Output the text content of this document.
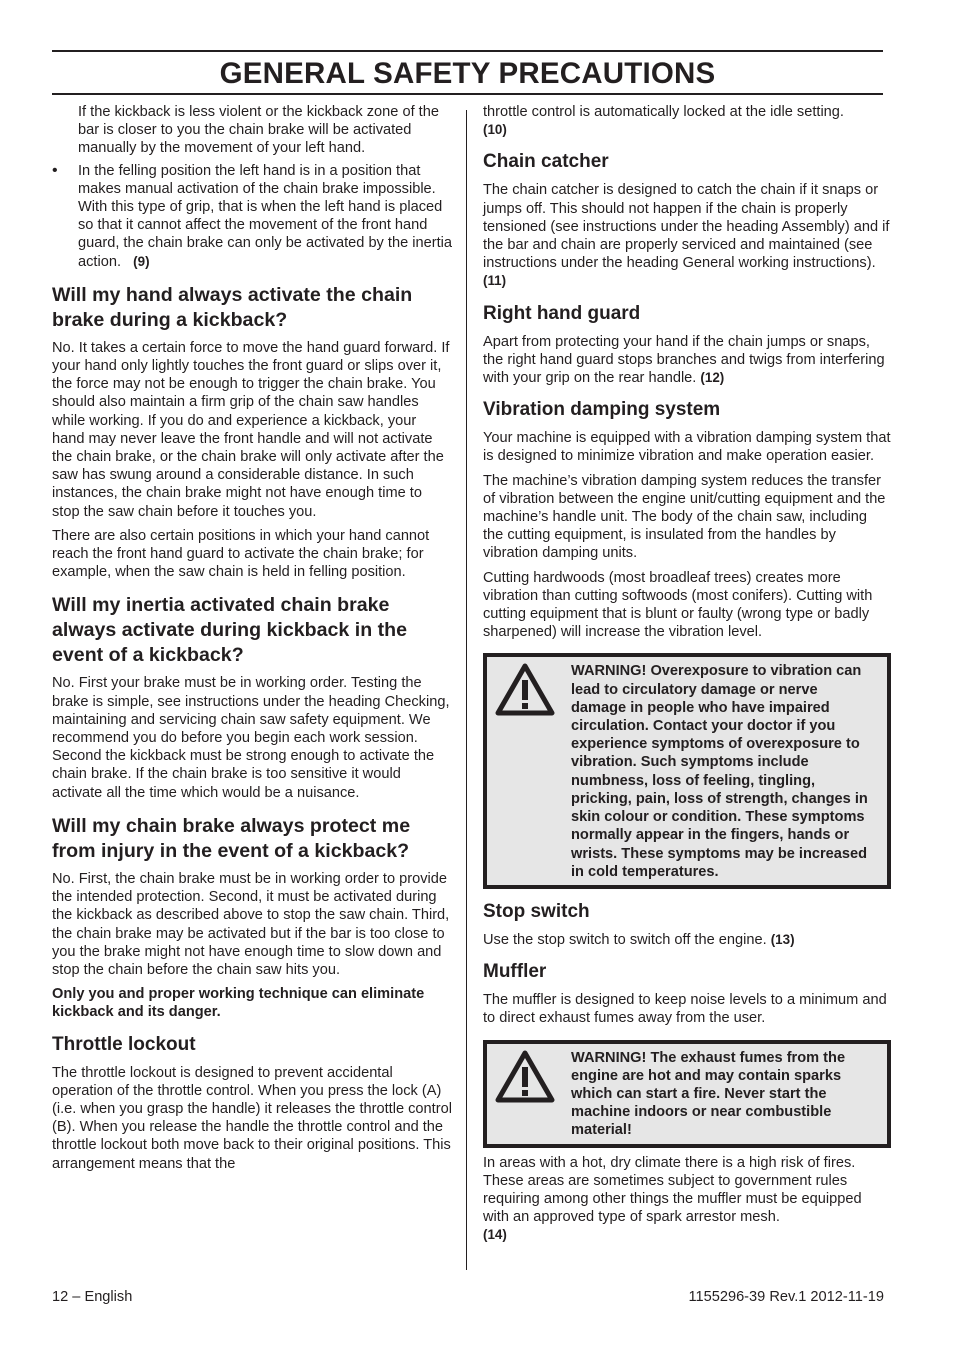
GENERAL SAFETY PRECAUTIONS

If the kickback is less violent or the kickback zone of the bar is closer to you the chain brake will be activated manually by the movement of your left hand.

• In the felling position the left hand is in a position that makes manual activation of the chain brake impossible. With this type of grip, that is when the left hand is placed so that it cannot affect the movement of the front hand guard, the chain brake can only be activated by the inertia action. (9)

Will my hand always activate the chain brake during a kickback?

No. It takes a certain force to move the hand guard forward. If your hand only lightly touches the front guard or slips over it, the force may not be enough to trigger the chain brake. You should also maintain a firm grip of the chain saw handles while working. If you do and experience a kickback, your hand may never leave the front handle and will not activate the chain brake, or the chain brake will only activate after the saw has swung around a considerable distance. In such instances, the chain brake might not have enough time to stop the saw chain before it touches you.

There are also certain positions in which your hand cannot reach the front hand guard to activate the chain brake; for example, when the saw chain is held in felling position.

Will my inertia activated chain brake always activate during kickback in the event of a kickback?

No. First your brake must be in working order. Testing the brake is simple, see instructions under the heading Checking, maintaining and servicing chain saw safety equipment. We recommend you do before you begin each work session. Second the kickback must be strong enough to activate the chain brake. If the chain brake is too sensitive it would activate all the time which would be a nuisance.

Will my chain brake always protect me from injury in the event of a kickback?

No. First, the chain brake must be in working order to provide the intended protection. Second, it must be activated during the kickback as described above to stop the saw chain. Third, the chain brake may be activated but if the bar is too close to you the brake might not have enough time to slow down and stop the chain before the chain saw hits you.

Only you and proper working technique can eliminate kickback and its danger.

Throttle lockout

The throttle lockout is designed to prevent accidental operation of the throttle control. When you press the lock (A) (i.e. when you grasp the handle) it releases the throttle control (B). When you release the handle the throttle control and the throttle lockout both move back to their original positions. This arrangement means that the

throttle control is automatically locked at the idle setting.
(10)

Chain catcher

The chain catcher is designed to catch the chain if it snaps or jumps off. This should not happen if the chain is properly tensioned (see instructions under the heading Assembly) and if the bar and chain are properly serviced and maintained (see instructions under the heading General working instructions). (11)

Right hand guard

Apart from protecting your hand if the chain jumps or snaps, the right hand guard stops branches and twigs from interfering with your grip on the rear handle. (12)

Vibration damping system

Your machine is equipped with a vibration damping system that is designed to minimize vibration and make operation easier.

The machine’s vibration damping system reduces the transfer of vibration between the engine unit/cutting equipment and the machine’s handle unit. The body of the chain saw, including the cutting equipment, is insulated from the handles by vibration damping units.

Cutting hardwoods (most broadleaf trees) creates more vibration than cutting softwoods (most conifers). Cutting with cutting equipment that is blunt or faulty (wrong type or badly sharpened) will increase the vibration level.

WARNING! Overexposure to vibration can lead to circulatory damage or nerve damage in people who have impaired circulation. Contact your doctor if you experience symptoms of overexposure to vibration. Such symptoms include numbness, loss of feeling, tingling, pricking, pain, loss of strength, changes in skin colour or condition. These symptoms normally appear in the fingers, hands or wrists. These symptoms may be increased in cold temperatures.

Stop switch

Use the stop switch to switch off the engine. (13)

Muffler

The muffler is designed to keep noise levels to a minimum and to direct exhaust fumes away from the user.

WARNING! The exhaust fumes from the engine are hot and may contain sparks which can start a fire. Never start the machine indoors or near combustible material!

In areas with a hot, dry climate there is a high risk of fires. These areas are sometimes subject to government rules requiring among other things the muffler must be equipped with an approved type of spark arrestor mesh.
(14)

12 – English	1155296-39 Rev.1 2012-11-19
